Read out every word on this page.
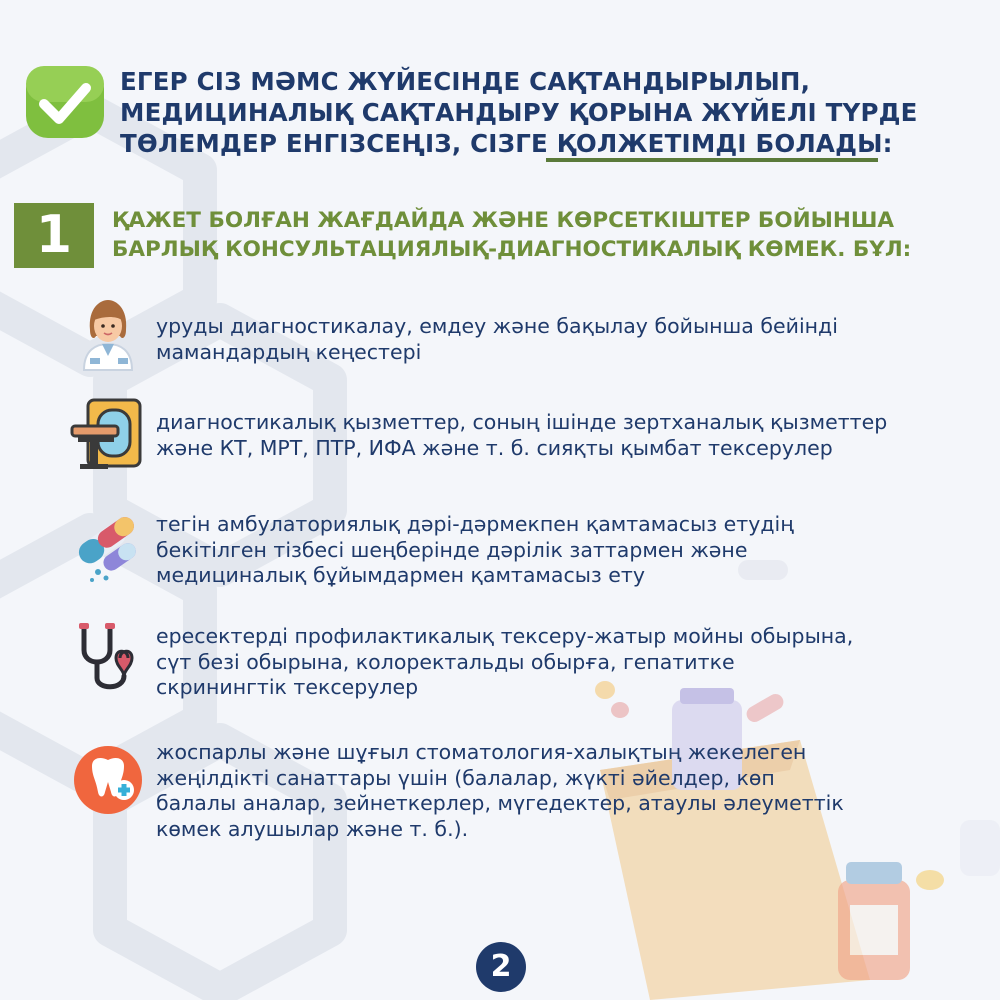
ЕГЕР СІЗ МӘМС ЖҮЙЕСІНДЕ САҚТАНДЫРЫЛЫП,
МЕДИЦИНАЛЫҚ САҚТАНДЫРУ ҚОРЫНА ЖҮЙЕЛІ ТҮРДЕ
ТӨЛЕМДЕР ЕНГІЗСЕҢІЗ, СІЗГЕ ҚОЛЖЕТІМДІ БОЛАДЫ:
1	ҚАЖЕТ БОЛҒАН ЖАҒДАЙДА ЖӘНЕ КӨРСЕТКІШТЕР БОЙЫНША
БАРЛЫҚ КОНСУЛЬТАЦИЯЛЫҚ-ДИАГНОСТИКАЛЫҚ КӨМЕК. БҰЛ:
уруды диагностикалау, емдеу және бақылау бойынша бейінді
мамандардың кеңестері
диагностикалық қызметтер, соның ішінде зертханалық қызметтер
және КТ, МРТ, ПТР, ИФА және т. б. сияқты қымбат тексерулер
тегін амбулаториялық дәрі-дәрмекпен қамтамасыз етудің
бекітілген тізбесі шеңберінде дәрілік заттармен және
медициналық бұйымдармен қамтамасыз ету
ересектерді профилактикалық тексеру-жатыр мойны обырына,
сүт безі обырына, колоректальды обырға, гепатитке
скринингтік тексерулер
жоспарлы және шұғыл стоматология-халықтың жекелеген
жеңілдікті санаттары үшін (балалар, жүкті әйелдер, көп
балалы аналар, зейнеткерлер, мүгедектер, атаулы әлеуметтік
көмек алушылар және т. б.).
2
